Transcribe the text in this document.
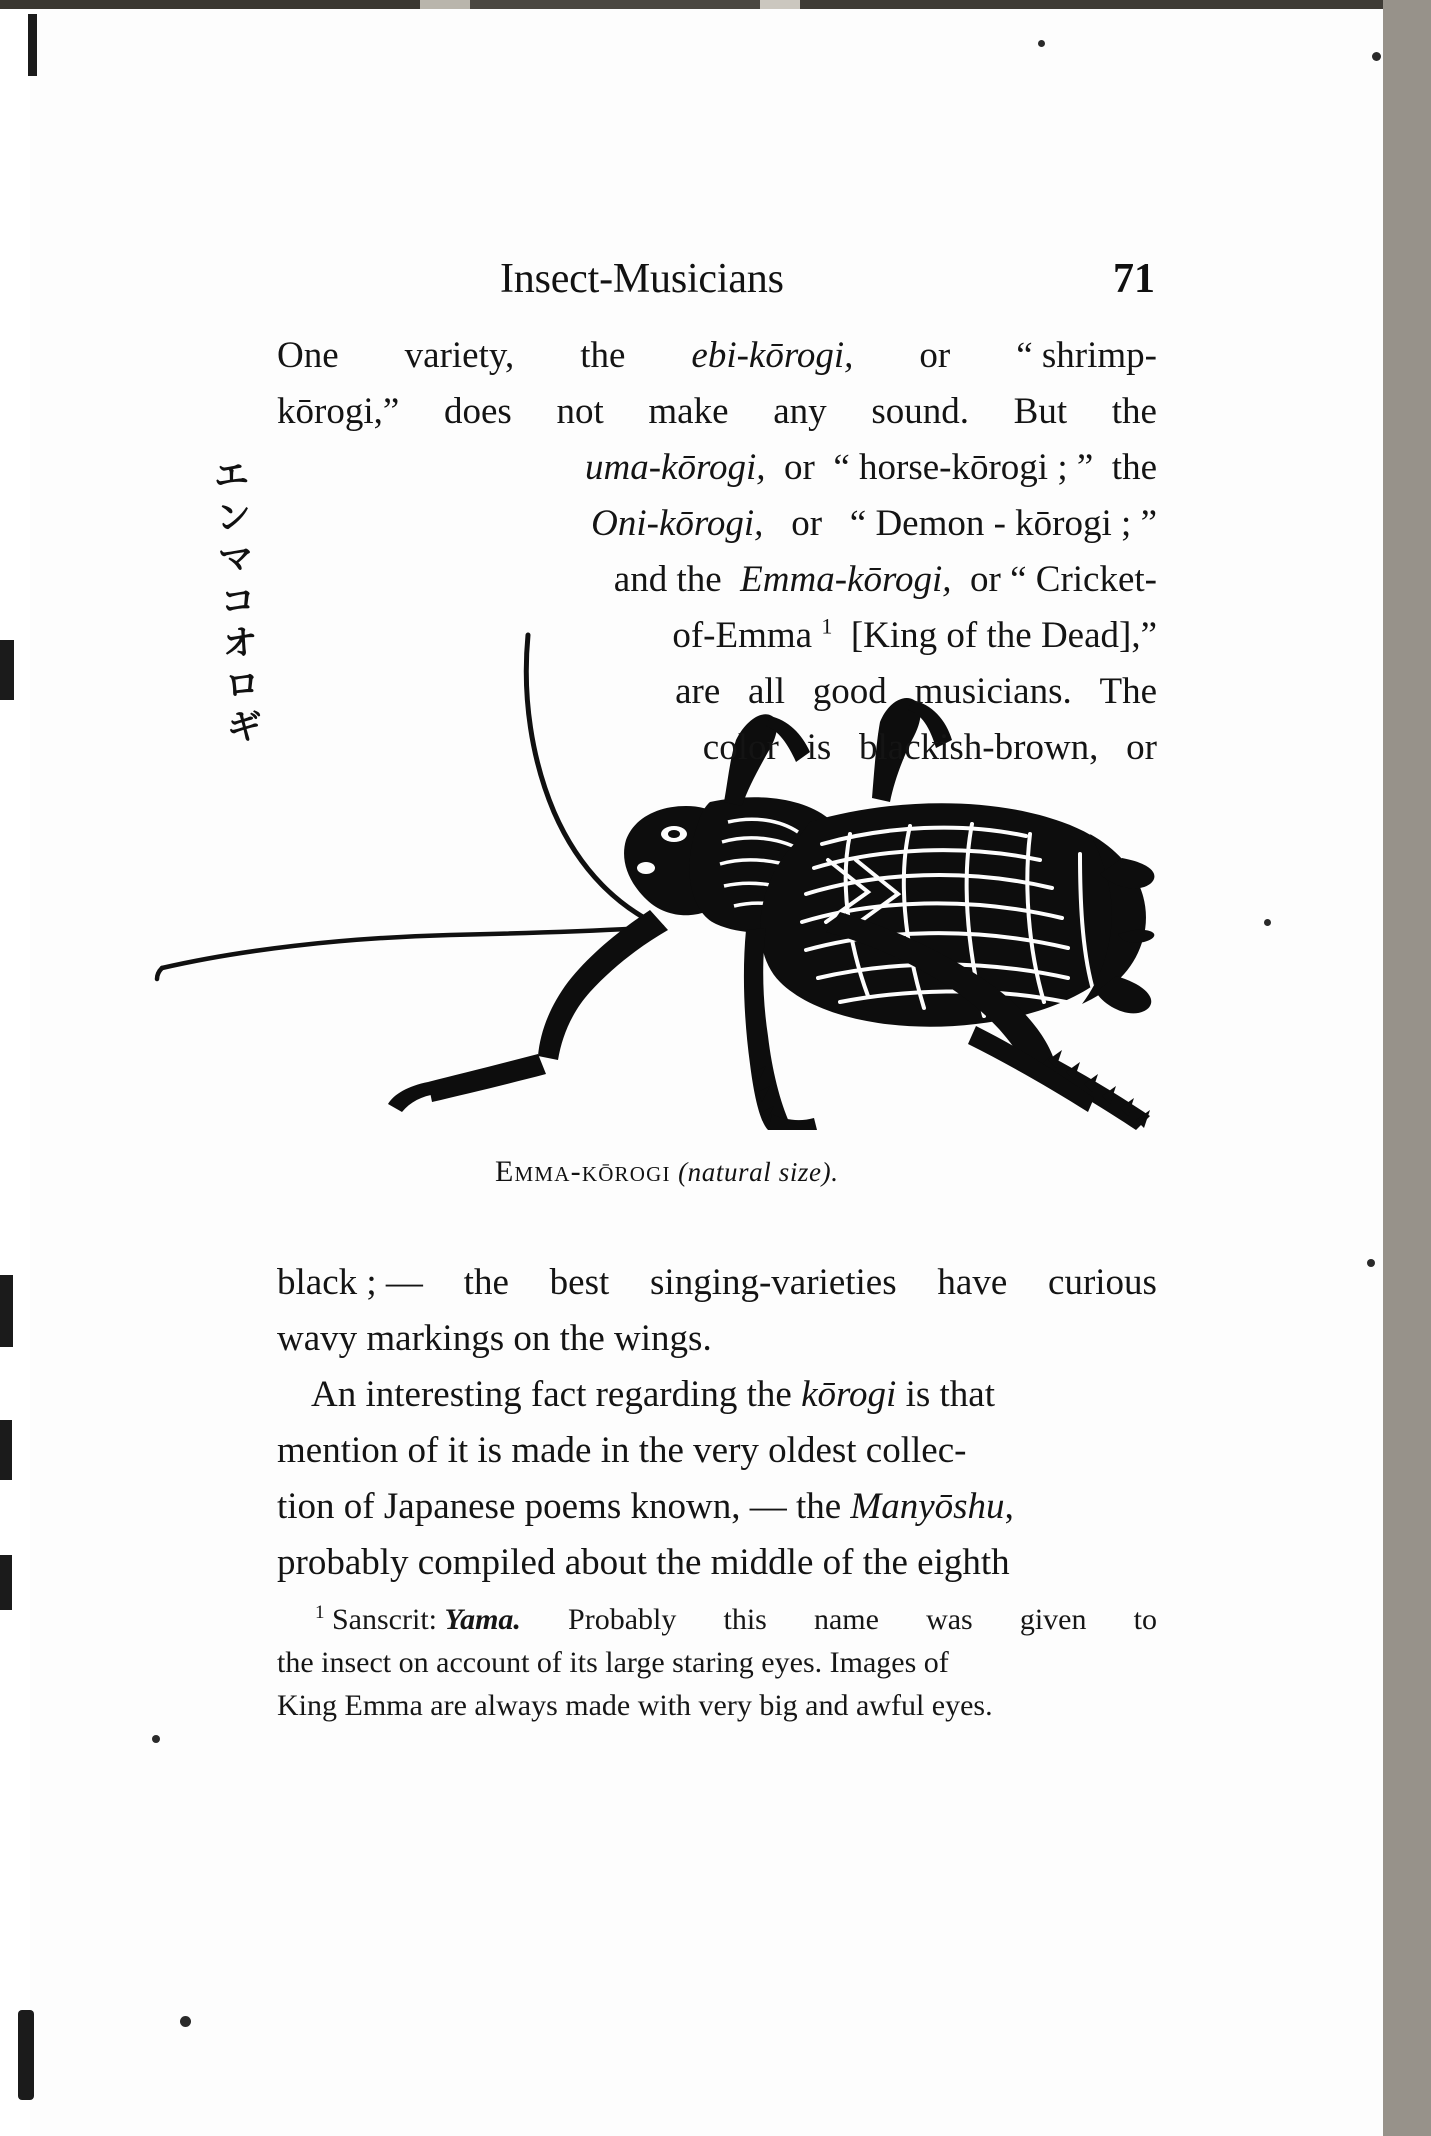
Insect-Musicians	71
エ
ン
マ
コ
オ
ロ
ギ
Emma-kōrogi (natural size).
One variety, the ebi-kōrogi, or “ shrimp-
kōrogi,” does not make any sound. But the
uma-kōrogi, or “ horse-kōrogi ; ” the
Oni-kōrogi, or “ Demon - kōrogi ; ”
and the Emma-kōrogi, or “ Cricket-
of-Emma $^1$ [King of the Dead],”
are all good musicians. The
color is blackish-brown, or
black ; — the best singing-varieties have curious
wavy markings on the wings.
An interesting fact regarding the kōrogi is that
mention of it is made in the very oldest collec-
tion of Japanese poems known, — the Manyōshu,
probably compiled about the middle of the eighth
$^1$ Sanscrit: Yama. Probably this name was given to
the insect on account of its large staring eyes. Images of
King Emma are always made with very big and awful eyes.
